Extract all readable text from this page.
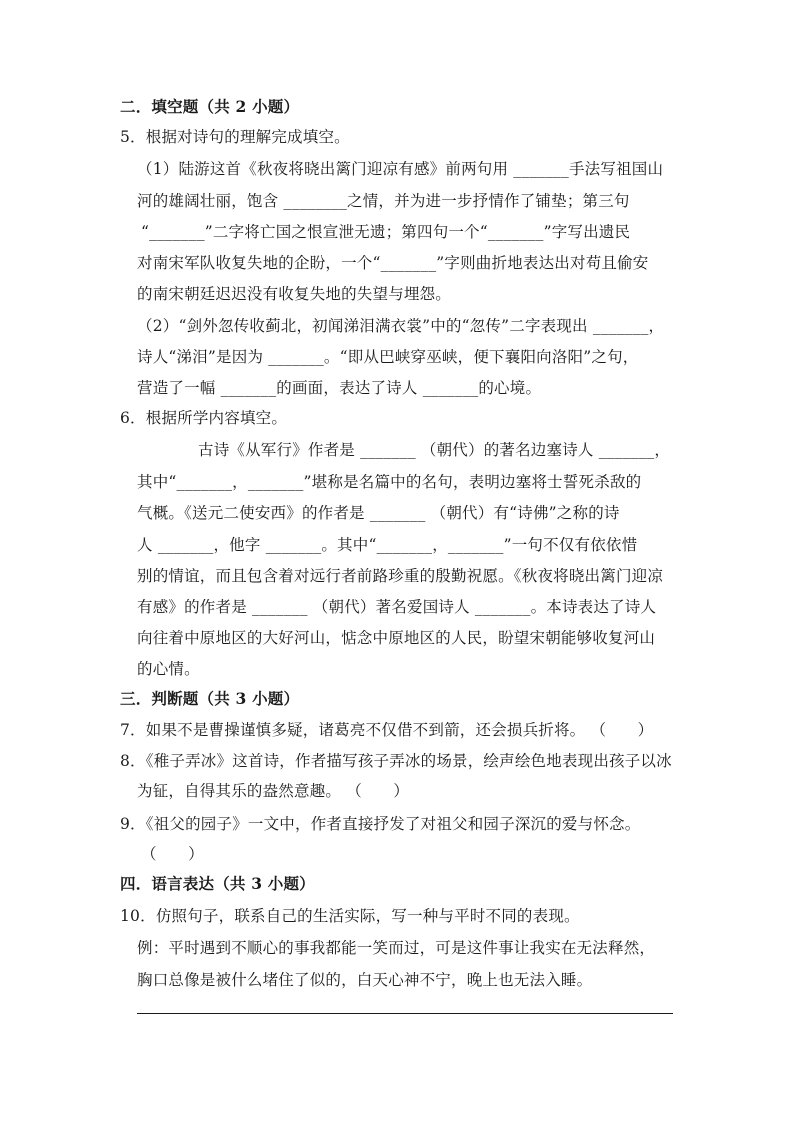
二．填空题（共 2 小题）
5．根据对诗句的理解完成填空。
（1）陆游这首《秋夜将晓出篱门迎凉有感》前两句用 _______手法写祖国山
河的雄阔壮丽，饱含 ________之情，并为进一步抒情作了铺垫；第三句
“_______”二字将亡国之恨宣泄无遗；第四句一个“_______”字写出遗民
对南宋军队收复失地的企盼，一个“_______”字则曲折地表达出对苟且偷安
的南宋朝廷迟迟没有收复失地的失望与埋怨。
（2）“剑外忽传收蓟北，初闻涕泪满衣裳”中的“忽传”二字表现出 _______，
诗人“涕泪”是因为 _______。“即从巴峡穿巫峡，便下襄阳向洛阳”之句，
营造了一幅 _______的画面，表达了诗人 _______的心境。
6．根据所学内容填空。
古诗《从军行》作者是 _______ （朝代）的著名边塞诗人 _______，
其中“_______，_______”堪称是名篇中的名句，表明边塞将士誓死杀敌的
气概。《送元二使安西》的作者是 _______ （朝代）有“诗佛”之称的诗
人 _______，他字 _______。其中“_______，_______”一句不仅有依依惜
别的情谊，而且包含着对远行者前路珍重的殷勤祝愿。《秋夜将晓出篱门迎凉
有感》的作者是 _______ （朝代）著名爱国诗人 _______。本诗表达了诗人
向往着中原地区的大好河山，惦念中原地区的人民，盼望宋朝能够收复河山
的心情。
三．判断题（共 3 小题）
7．如果不是曹操谨慎多疑，诸葛亮不仅借不到箭，还会损兵折将。 （　　）
8．《稚子弄冰》这首诗，作者描写孩子弄冰的场景，绘声绘色地表现出孩子以冰
为钲，自得其乐的盎然意趣。 （　　）
9．《祖父的园子》一文中，作者直接抒发了对祖父和园子深沉的爱与怀念。
（　　）
四．语言表达（共 3 小题）
10．仿照句子，联系自己的生活实际，写一种与平时不同的表现。
例：平时遇到不顺心的事我都能一笑而过，可是这件事让我实在无法释然，
胸口总像是被什么堵住了似的，白天心神不宁，晚上也无法入睡。
